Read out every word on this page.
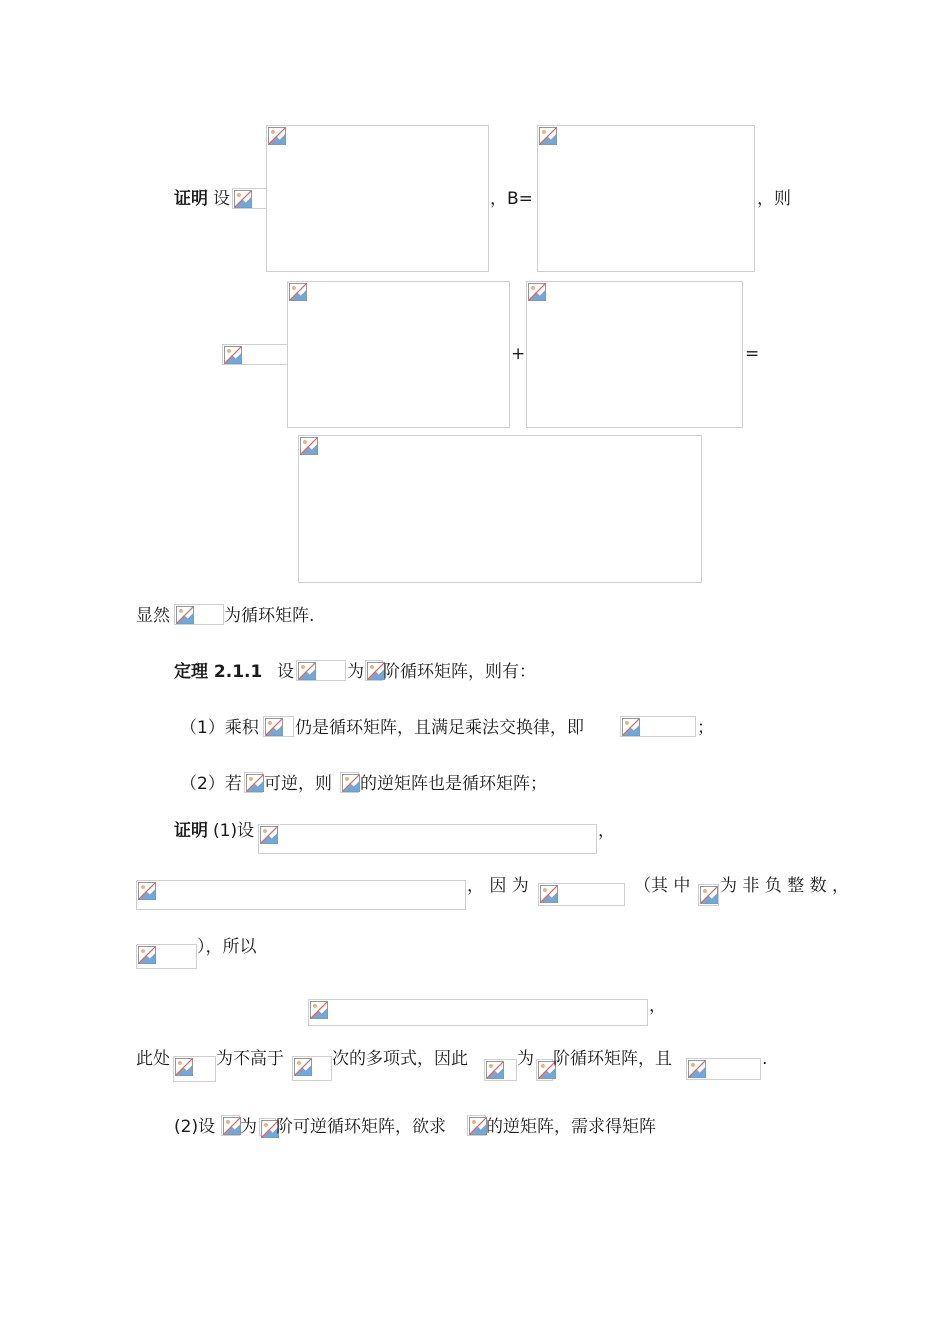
证明 设	，B=	，则
+	=
显然	为循环矩阵.
定理 2.1.1 设	为 阶循环矩阵，则有：
（1）乘积 仍是循环矩阵，且满足乘法交换律，即	；
（2）若 可逆，则 的逆矩阵也是循环矩阵；
证明 (1)设	，
， 因 为	（其 中 为 非 负 整 数 ，
），所以
，
此处	为不高于	次的多项式，因此	为 阶循环矩阵，且	.
(2)设 为 阶可逆循环矩阵，欲求 的逆矩阵，需求得矩阵
